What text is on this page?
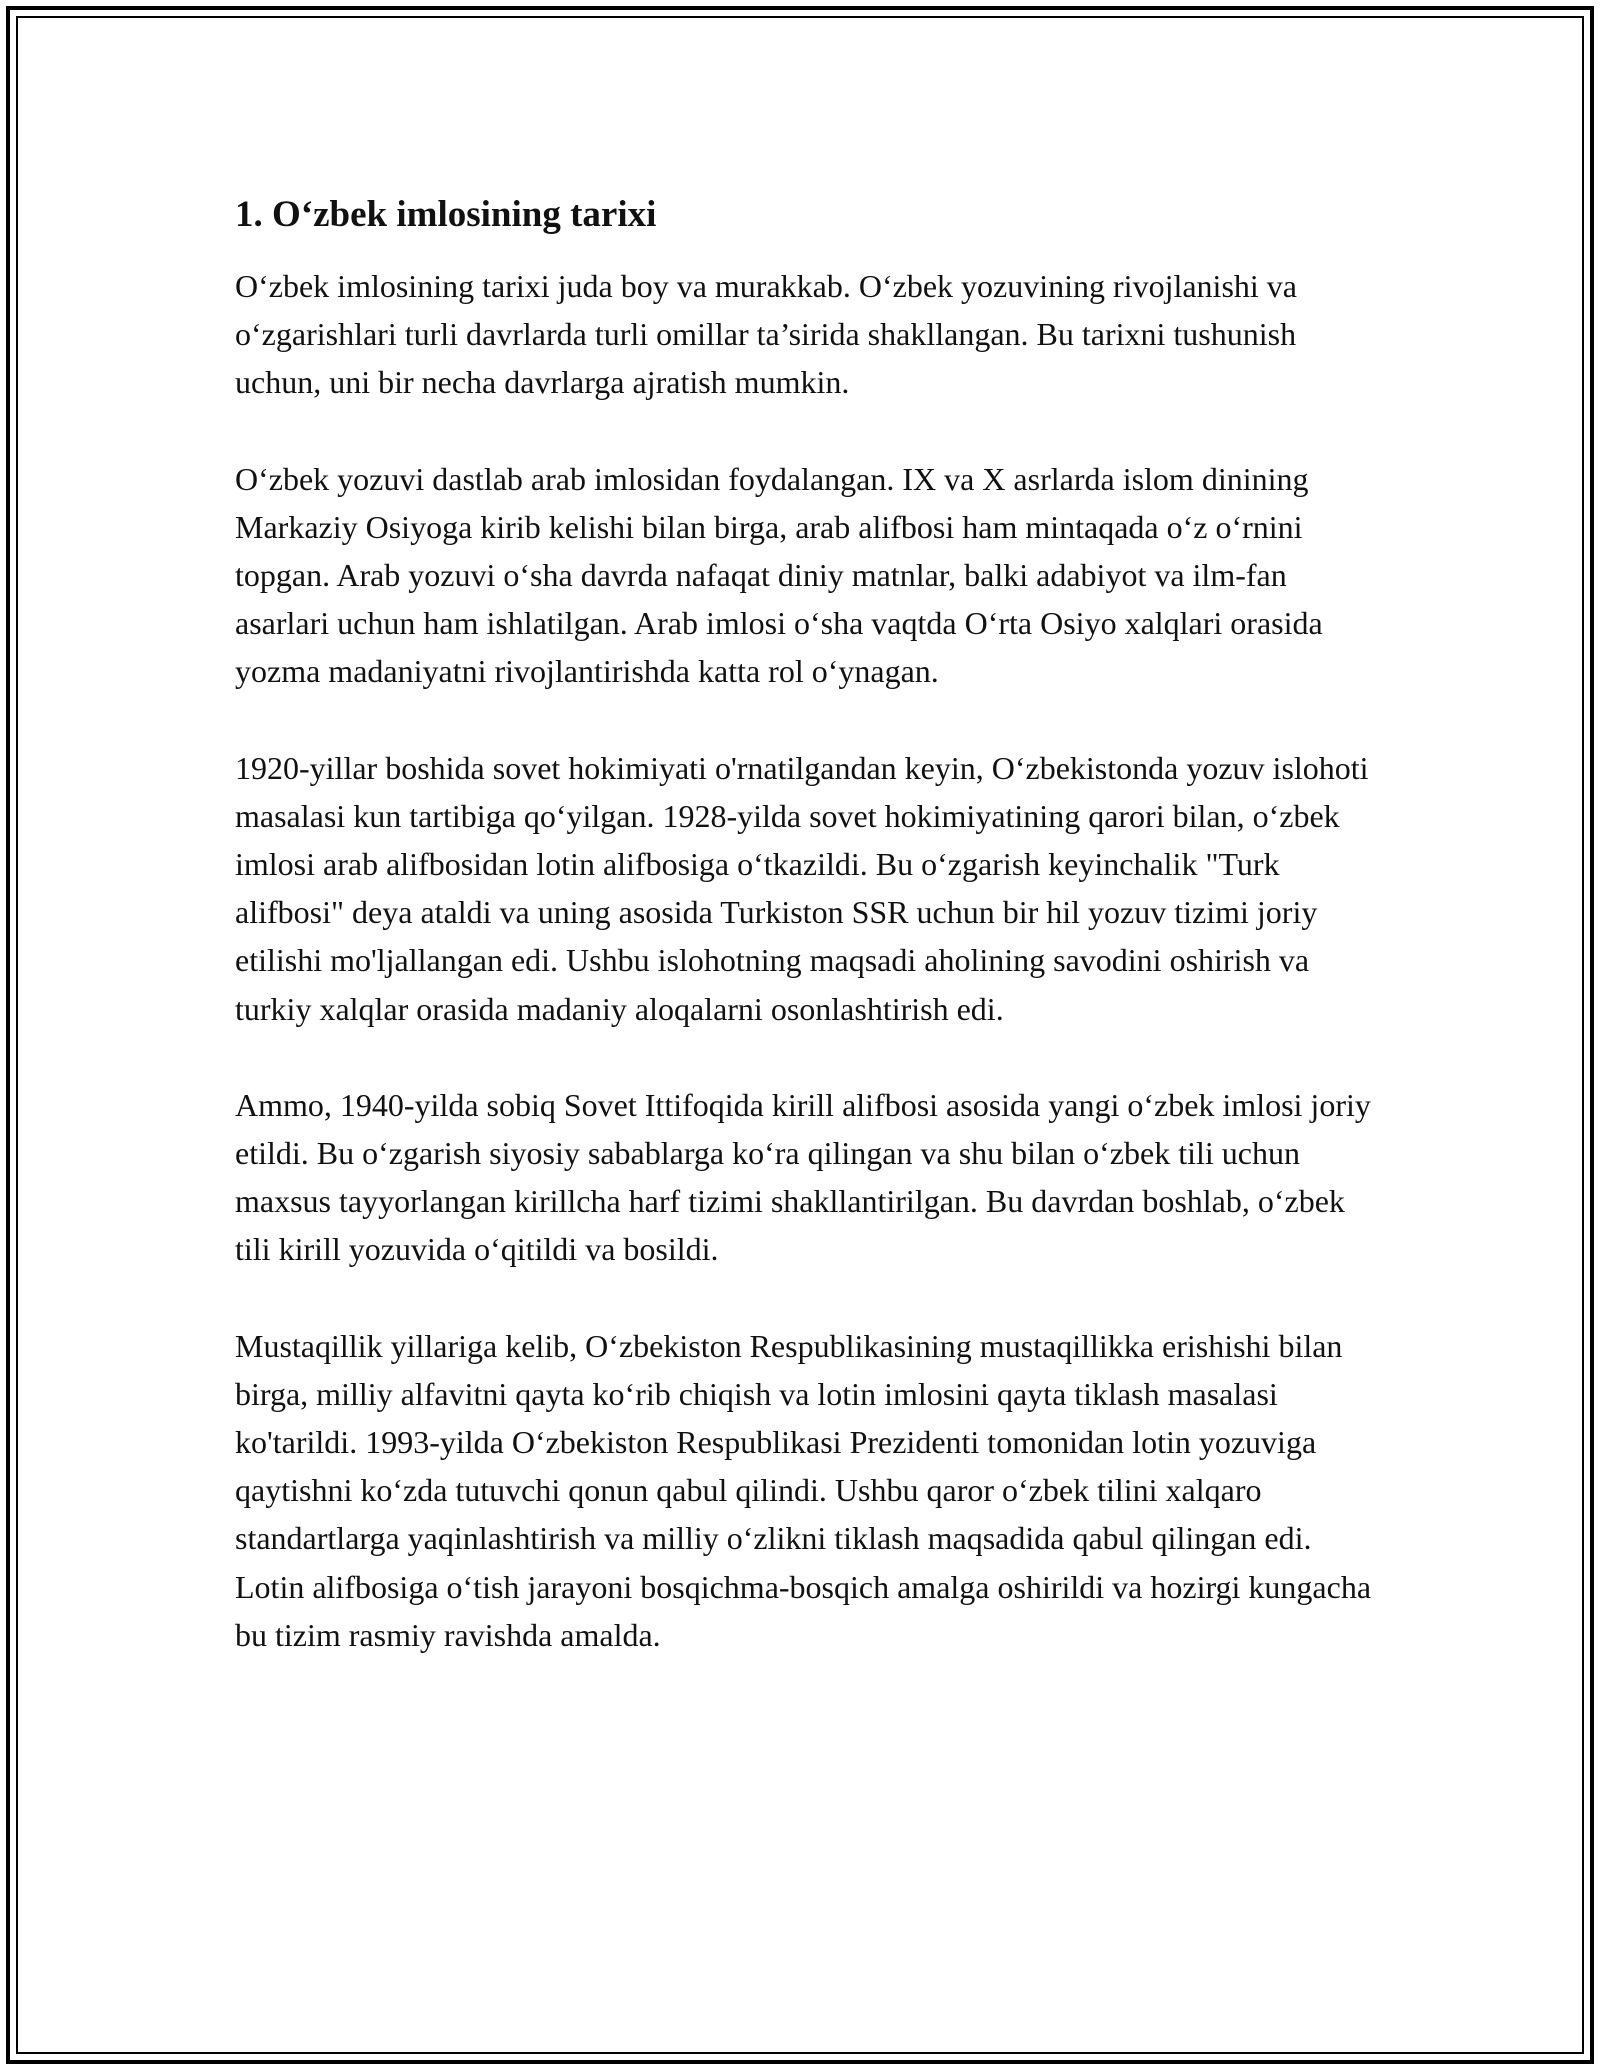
1. O‘zbek imlosining tarixi

O‘zbek imlosining tarixi juda boy va murakkab. O‘zbek yozuvining rivojlanishi va o‘zgarishlari turli davrlarda turli omillar ta’sirida shakllangan. Bu tarixni tushunish uchun, uni bir necha davrlarga ajratish mumkin.

O‘zbek yozuvi dastlab arab imlosidan foydalangan. IX va X asrlarda islom dinining Markaziy Osiyoga kirib kelishi bilan birga, arab alifbosi ham mintaqada o‘z o‘rnini topgan. Arab yozuvi o‘sha davrda nafaqat diniy matnlar, balki adabiyot va ilm-fan asarlari uchun ham ishlatilgan. Arab imlosi o‘sha vaqtda O‘rta Osiyo xalqlari orasida yozma madaniyatni rivojlantirishda katta rol o‘ynagan.

1920-yillar boshida sovet hokimiyati o'rnatilgandan keyin, O‘zbekistonda yozuv islohoti masalasi kun tartibiga qo‘yilgan. 1928-yilda sovet hokimiyatining qarori bilan, o‘zbek imlosi arab alifbosidan lotin alifbosiga o‘tkazildi. Bu o‘zgarish keyinchalik "Turk alifbosi" deya ataldi va uning asosida Turkiston SSR uchun bir hil yozuv tizimi joriy etilishi mo'ljallangan edi. Ushbu islohotning maqsadi aholining savodini oshirish va turkiy xalqlar orasida madaniy aloqalarni osonlashtirish edi.

Ammo, 1940-yilda sobiq Sovet Ittifoqida kirill alifbosi asosida yangi o‘zbek imlosi joriy etildi. Bu o‘zgarish siyosiy sabablarga ko‘ra qilingan va shu bilan o‘zbek tili uchun maxsus tayyorlangan kirillcha harf tizimi shakllantirilgan. Bu davrdan boshlab, o‘zbek tili kirill yozuvida o‘qitildi va bosildi.

Mustaqillik yillariga kelib, O‘zbekiston Respublikasining mustaqillikka erishishi bilan birga, milliy alfavitni qayta ko‘rib chiqish va lotin imlosini qayta tiklash masalasi ko'tarildi. 1993-yilda O‘zbekiston Respublikasi Prezidenti tomonidan lotin yozuviga qaytishni ko‘zda tutuvchi qonun qabul qilindi. Ushbu qaror o‘zbek tilini xalqaro standartlarga yaqinlashtirish va milliy o‘zlikni tiklash maqsadida qabul qilingan edi. Lotin alifbosiga o‘tish jarayoni bosqichma-bosqich amalga oshirildi va hozirgi kungacha bu tizim rasmiy ravishda amalda.
